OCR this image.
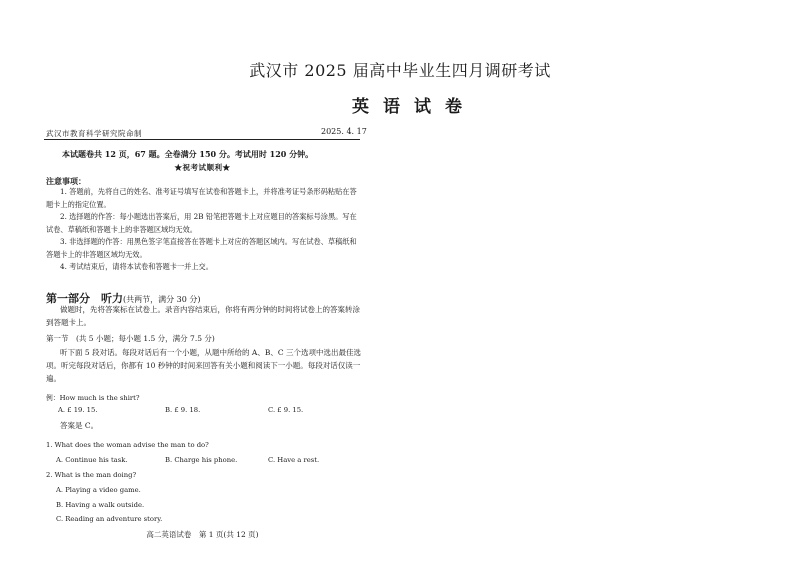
武汉市 2025 届高中毕业生四月调研考试
英语试卷
武汉市教育科学研究院命制	2025. 4. 17
本试题卷共 12 页，67 题。全卷满分 150 分。考试用时 120 分钟。
★祝考试顺利★
注意事项：
1. 答题前，先将自己的姓名、准考证号填写在试卷和答题卡上，并将准考证号条形码粘贴在答题卡上的指定位置。
2. 选择题的作答：每小题选出答案后，用 2B 铅笔把答题卡上对应题目的答案标号涂黑。写在试卷、草稿纸和答题卡上的非答题区域均无效。
3. 非选择题的作答：用黑色签字笔直接答在答题卡上对应的答题区域内。写在试卷、草稿纸和答题卡上的非答题区域均无效。
4. 考试结束后，请将本试卷和答题卡一并上交。
第一部分　听力(共两节，满分 30 分)
做题时，先将答案标在试卷上。录音内容结束后，你将有两分钟的时间将试卷上的答案转涂到答题卡上。
第一节　(共 5 小题；每小题 1.5 分，满分 7.5 分)
听下面 5 段对话。每段对话后有一个小题，从题中所给的 A、B、C 三个选项中选出最佳选项。听完每段对话后，你都有 10 秒钟的时间来回答有关小题和阅读下一小题。每段对话仅读一遍。
例：How much is the shirt?
A. £ 19. 15.	B. £ 9. 18.	C. £ 9. 15.
答案是 C。
1. What does the woman advise the man to do?
A. Continue his task.	B. Charge his phone.	C. Have a rest.
2. What is the man doing?
A. Playing a video game.
B. Having a walk outside.
C. Reading an adventure story.
高二英语试卷　第 1 页(共 12 页)
